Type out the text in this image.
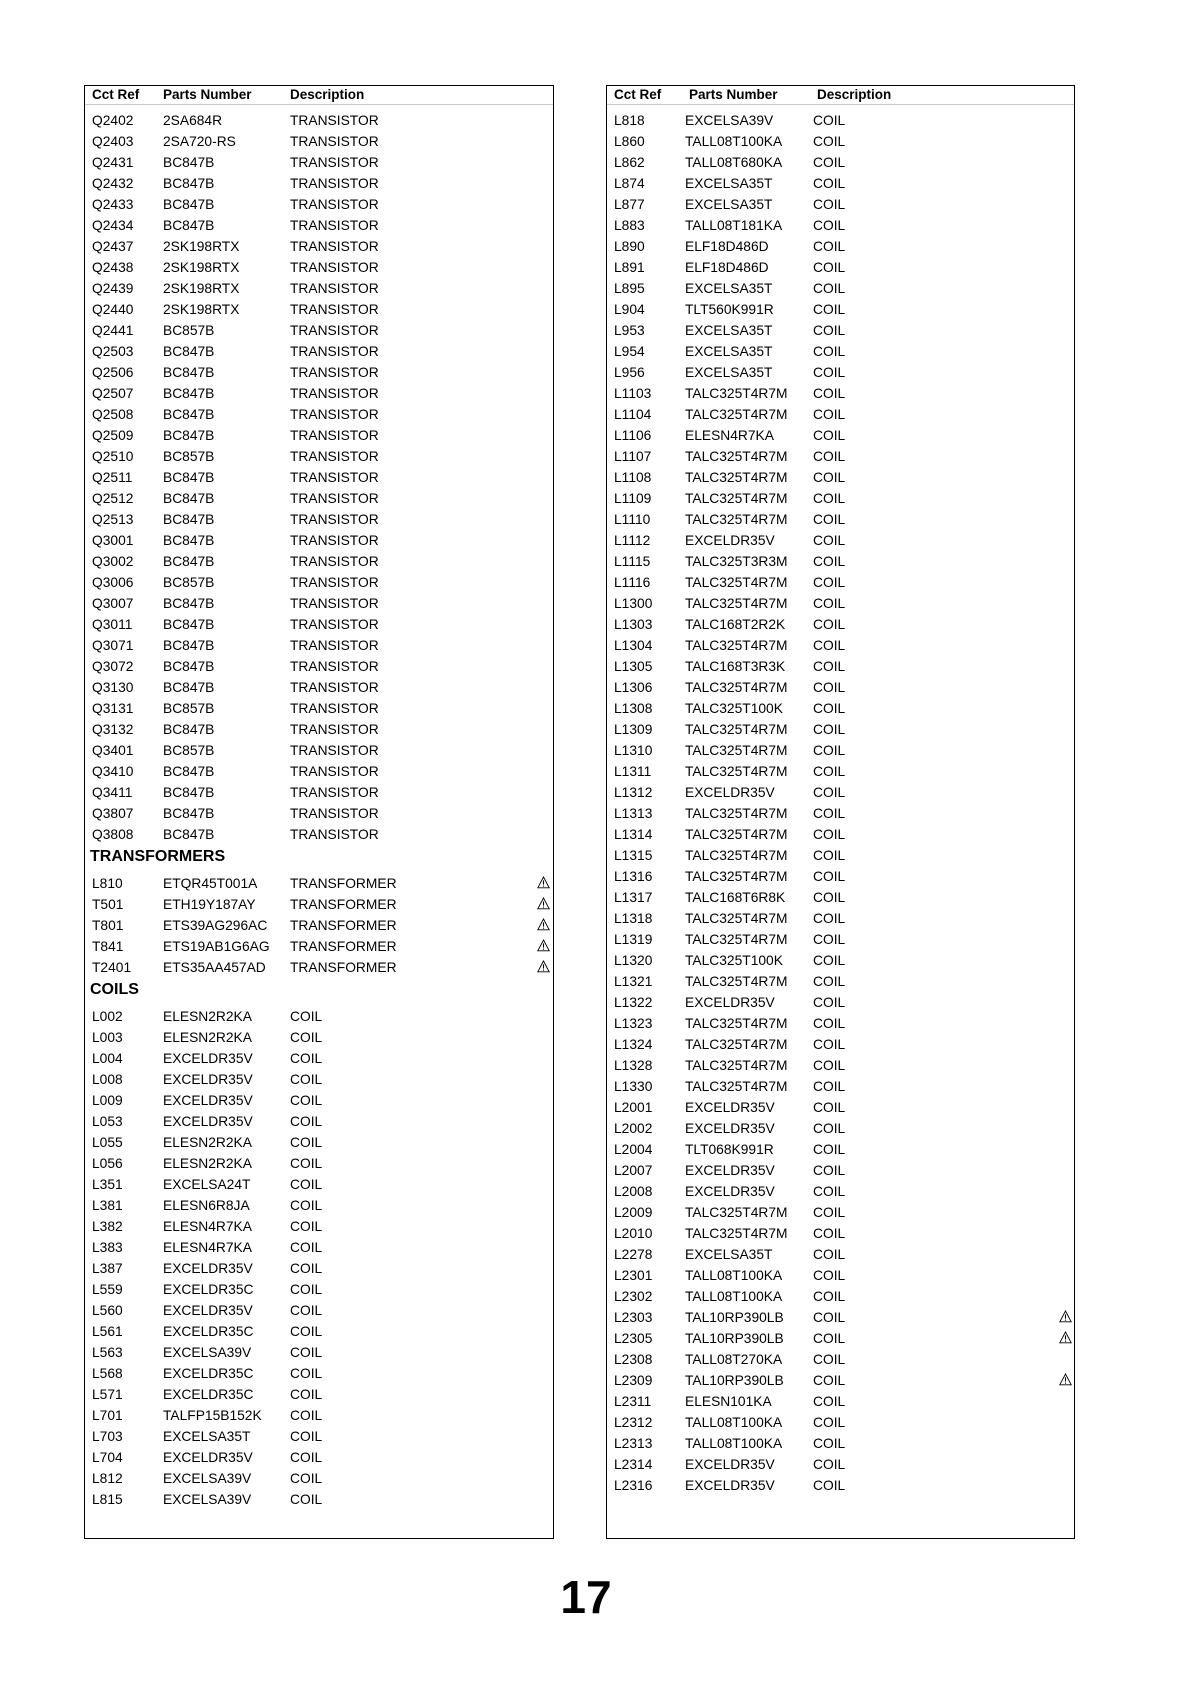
Cct Ref Parts Number	Description
Q2402 2SA684R	TRANSISTOR
Q2403 2SA720-RS	TRANSISTOR
Q2431 BC847B	TRANSISTOR
Q2432 BC847B	TRANSISTOR
Q2433 BC847B	TRANSISTOR
Q2434 BC847B	TRANSISTOR
Q2437 2SK198RTX	TRANSISTOR
Q2438 2SK198RTX	TRANSISTOR
Q2439 2SK198RTX	TRANSISTOR
Q2440 2SK198RTX	TRANSISTOR
Q2441 BC857B	TRANSISTOR
Q2503 BC847B	TRANSISTOR
Q2506 BC847B	TRANSISTOR
Q2507 BC847B	TRANSISTOR
Q2508 BC847B	TRANSISTOR
Q2509 BC847B	TRANSISTOR
Q2510 BC857B	TRANSISTOR
Q2511 BC847B	TRANSISTOR
Q2512 BC847B	TRANSISTOR
Q2513 BC847B	TRANSISTOR
Q3001 BC847B	TRANSISTOR
Q3002 BC847B	TRANSISTOR
Q3006 BC857B	TRANSISTOR
Q3007 BC847B	TRANSISTOR
Q3011 BC847B	TRANSISTOR
Q3071 BC847B	TRANSISTOR
Q3072 BC847B	TRANSISTOR
Q3130 BC847B	TRANSISTOR
Q3131 BC857B	TRANSISTOR
Q3132 BC847B	TRANSISTOR
Q3401 BC857B	TRANSISTOR
Q3410 BC847B	TRANSISTOR
Q3411 BC847B	TRANSISTOR
Q3807 BC847B	TRANSISTOR
Q3808 BC847B	TRANSISTOR
TRANSFORMERS
L810	ETQR45T001A TRANSFORMER
T501	ETH19Y187AY TRANSFORMER
T801	ETS39AG296AC TRANSFORMER
T841	ETS19AB1G6AG TRANSFORMER
T2401 ETS35AA457AD TRANSFORMER
COILS
L002	ELESN2R2KA	COIL
L003	ELESN2R2KA	COIL
L004	EXCELDR35V	COIL
L008	EXCELDR35V	COIL
L009	EXCELDR35V	COIL
L053	EXCELDR35V	COIL
L055	ELESN2R2KA	COIL
L056	ELESN2R2KA	COIL
L351	EXCELSA24T	COIL
L381	ELESN6R8JA	COIL
L382	ELESN4R7KA	COIL
L383	ELESN4R7KA	COIL
L387	EXCELDR35V	COIL
L559	EXCELDR35C	COIL
L560	EXCELDR35V	COIL
L561	EXCELDR35C	COIL
L563	EXCELSA39V	COIL
L568	EXCELDR35C	COIL
L571	EXCELDR35C	COIL
L701	TALFP15B152K COIL
L703	EXCELSA35T	COIL
L704	EXCELDR35V	COIL
L812	EXCELSA39V	COIL
L815	EXCELSA39V	COIL
Cct Ref Parts Number	Description
L818	EXCELSA39V	COIL
L860	TALL08T100KA COIL
L862	TALL08T680KA COIL
L874	EXCELSA35T	COIL
L877	EXCELSA35T	COIL
L883	TALL08T181KA COIL
L890	ELF18D486D	COIL
L891	ELF18D486D	COIL
L895	EXCELSA35T	COIL
L904	TLT560K991R	COIL
L953	EXCELSA35T	COIL
L954	EXCELSA35T	COIL
L956	EXCELSA35T	COIL
L1103 TALC325T4R7M COIL
L1104 TALC325T4R7M COIL
L1106 ELESN4R7KA	COIL
L1107 TALC325T4R7M COIL
L1108 TALC325T4R7M COIL
L1109 TALC325T4R7M COIL
L1110	TALC325T4R7M COIL
L1112	EXCELDR35V	COIL
L1115	TALC325T3R3M COIL
L1116	TALC325T4R7M COIL
L1300 TALC325T4R7M COIL
L1303 TALC168T2R2K COIL
L1304 TALC325T4R7M COIL
L1305 TALC168T3R3K COIL
L1306 TALC325T4R7M COIL
L1308 TALC325T100K COIL
L1309 TALC325T4R7M COIL
L1310 TALC325T4R7M COIL
L1311 TALC325T4R7M COIL
L1312 EXCELDR35V	COIL
L1313 TALC325T4R7M COIL
L1314 TALC325T4R7M COIL
L1315 TALC325T4R7M COIL
L1316 TALC325T4R7M COIL
L1317 TALC168T6R8K COIL
L1318 TALC325T4R7M COIL
L1319 TALC325T4R7M COIL
L1320 TALC325T100K COIL
L1321 TALC325T4R7M COIL
L1322 EXCELDR35V	COIL
L1323 TALC325T4R7M COIL
L1324 TALC325T4R7M COIL
L1328 TALC325T4R7M COIL
L1330 TALC325T4R7M COIL
L2001 EXCELDR35V	COIL
L2002 EXCELDR35V	COIL
L2004 TLT068K991R	COIL
L2007 EXCELDR35V	COIL
L2008 EXCELDR35V	COIL
L2009 TALC325T4R7M COIL
L2010 TALC325T4R7M COIL
L2278 EXCELSA35T	COIL
L2301 TALL08T100KA COIL
L2302 TALL08T100KA COIL
L2303 TAL10RP390LB COIL
L2305 TAL10RP390LB COIL
L2308 TALL08T270KA COIL
L2309 TAL10RP390LB COIL
L2311 ELESN101KA	COIL
L2312 TALL08T100KA COIL
L2313 TALL08T100KA COIL
L2314 EXCELDR35V	COIL
L2316 EXCELDR35V	COIL
17
